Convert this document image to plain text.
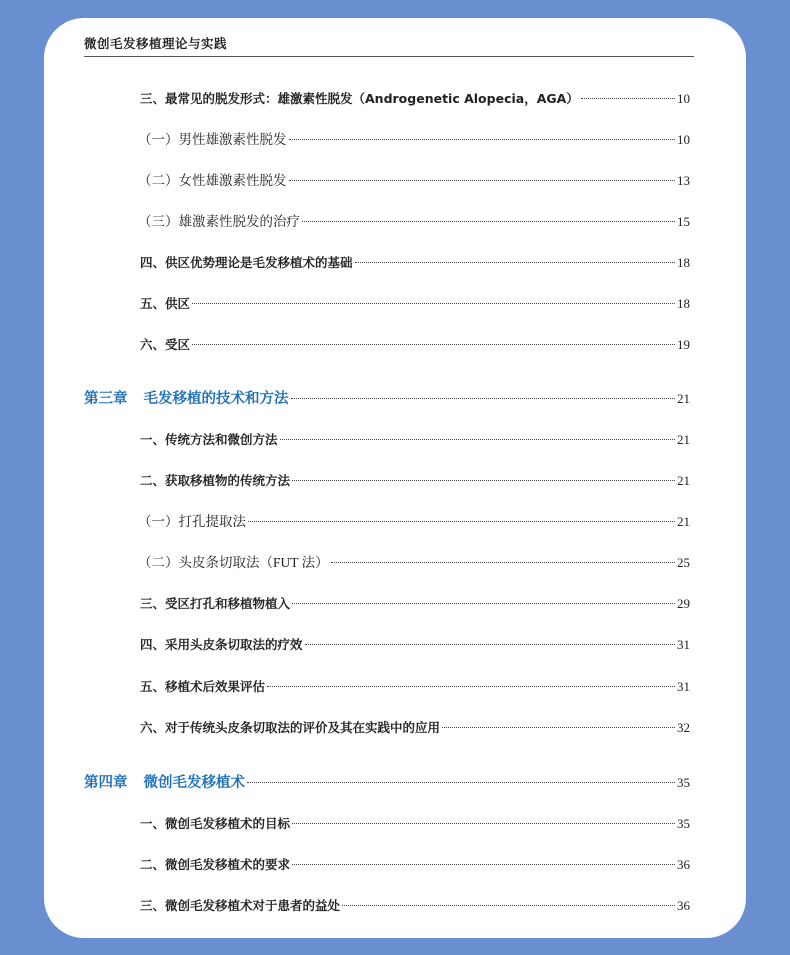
微创毛发移植理论与实践
三、最常见的脱发形式：雄激素性脱发（Androgenetic Alopecia，AGA）	10
（一）男性雄激素性脱发	10
（二）女性雄激素性脱发	13
（三）雄激素性脱发的治疗	15
四、供区优势理论是毛发移植术的基础	18
五、供区	18
六、受区	19
第三章 毛发移植的技术和方法	21
一、传统方法和微创方法	21
二、获取移植物的传统方法	21
（一）打孔提取法	21
（二）头皮条切取法（FUT 法）	25
三、受区打孔和移植物植入	29
四、采用头皮条切取法的疗效	31
五、移植术后效果评估	31
六、对于传统头皮条切取法的评价及其在实践中的应用	32
第四章 微创毛发移植术	35
一、微创毛发移植术的目标	35
二、微创毛发移植术的要求	36
三、微创毛发移植术对于患者的益处	36
